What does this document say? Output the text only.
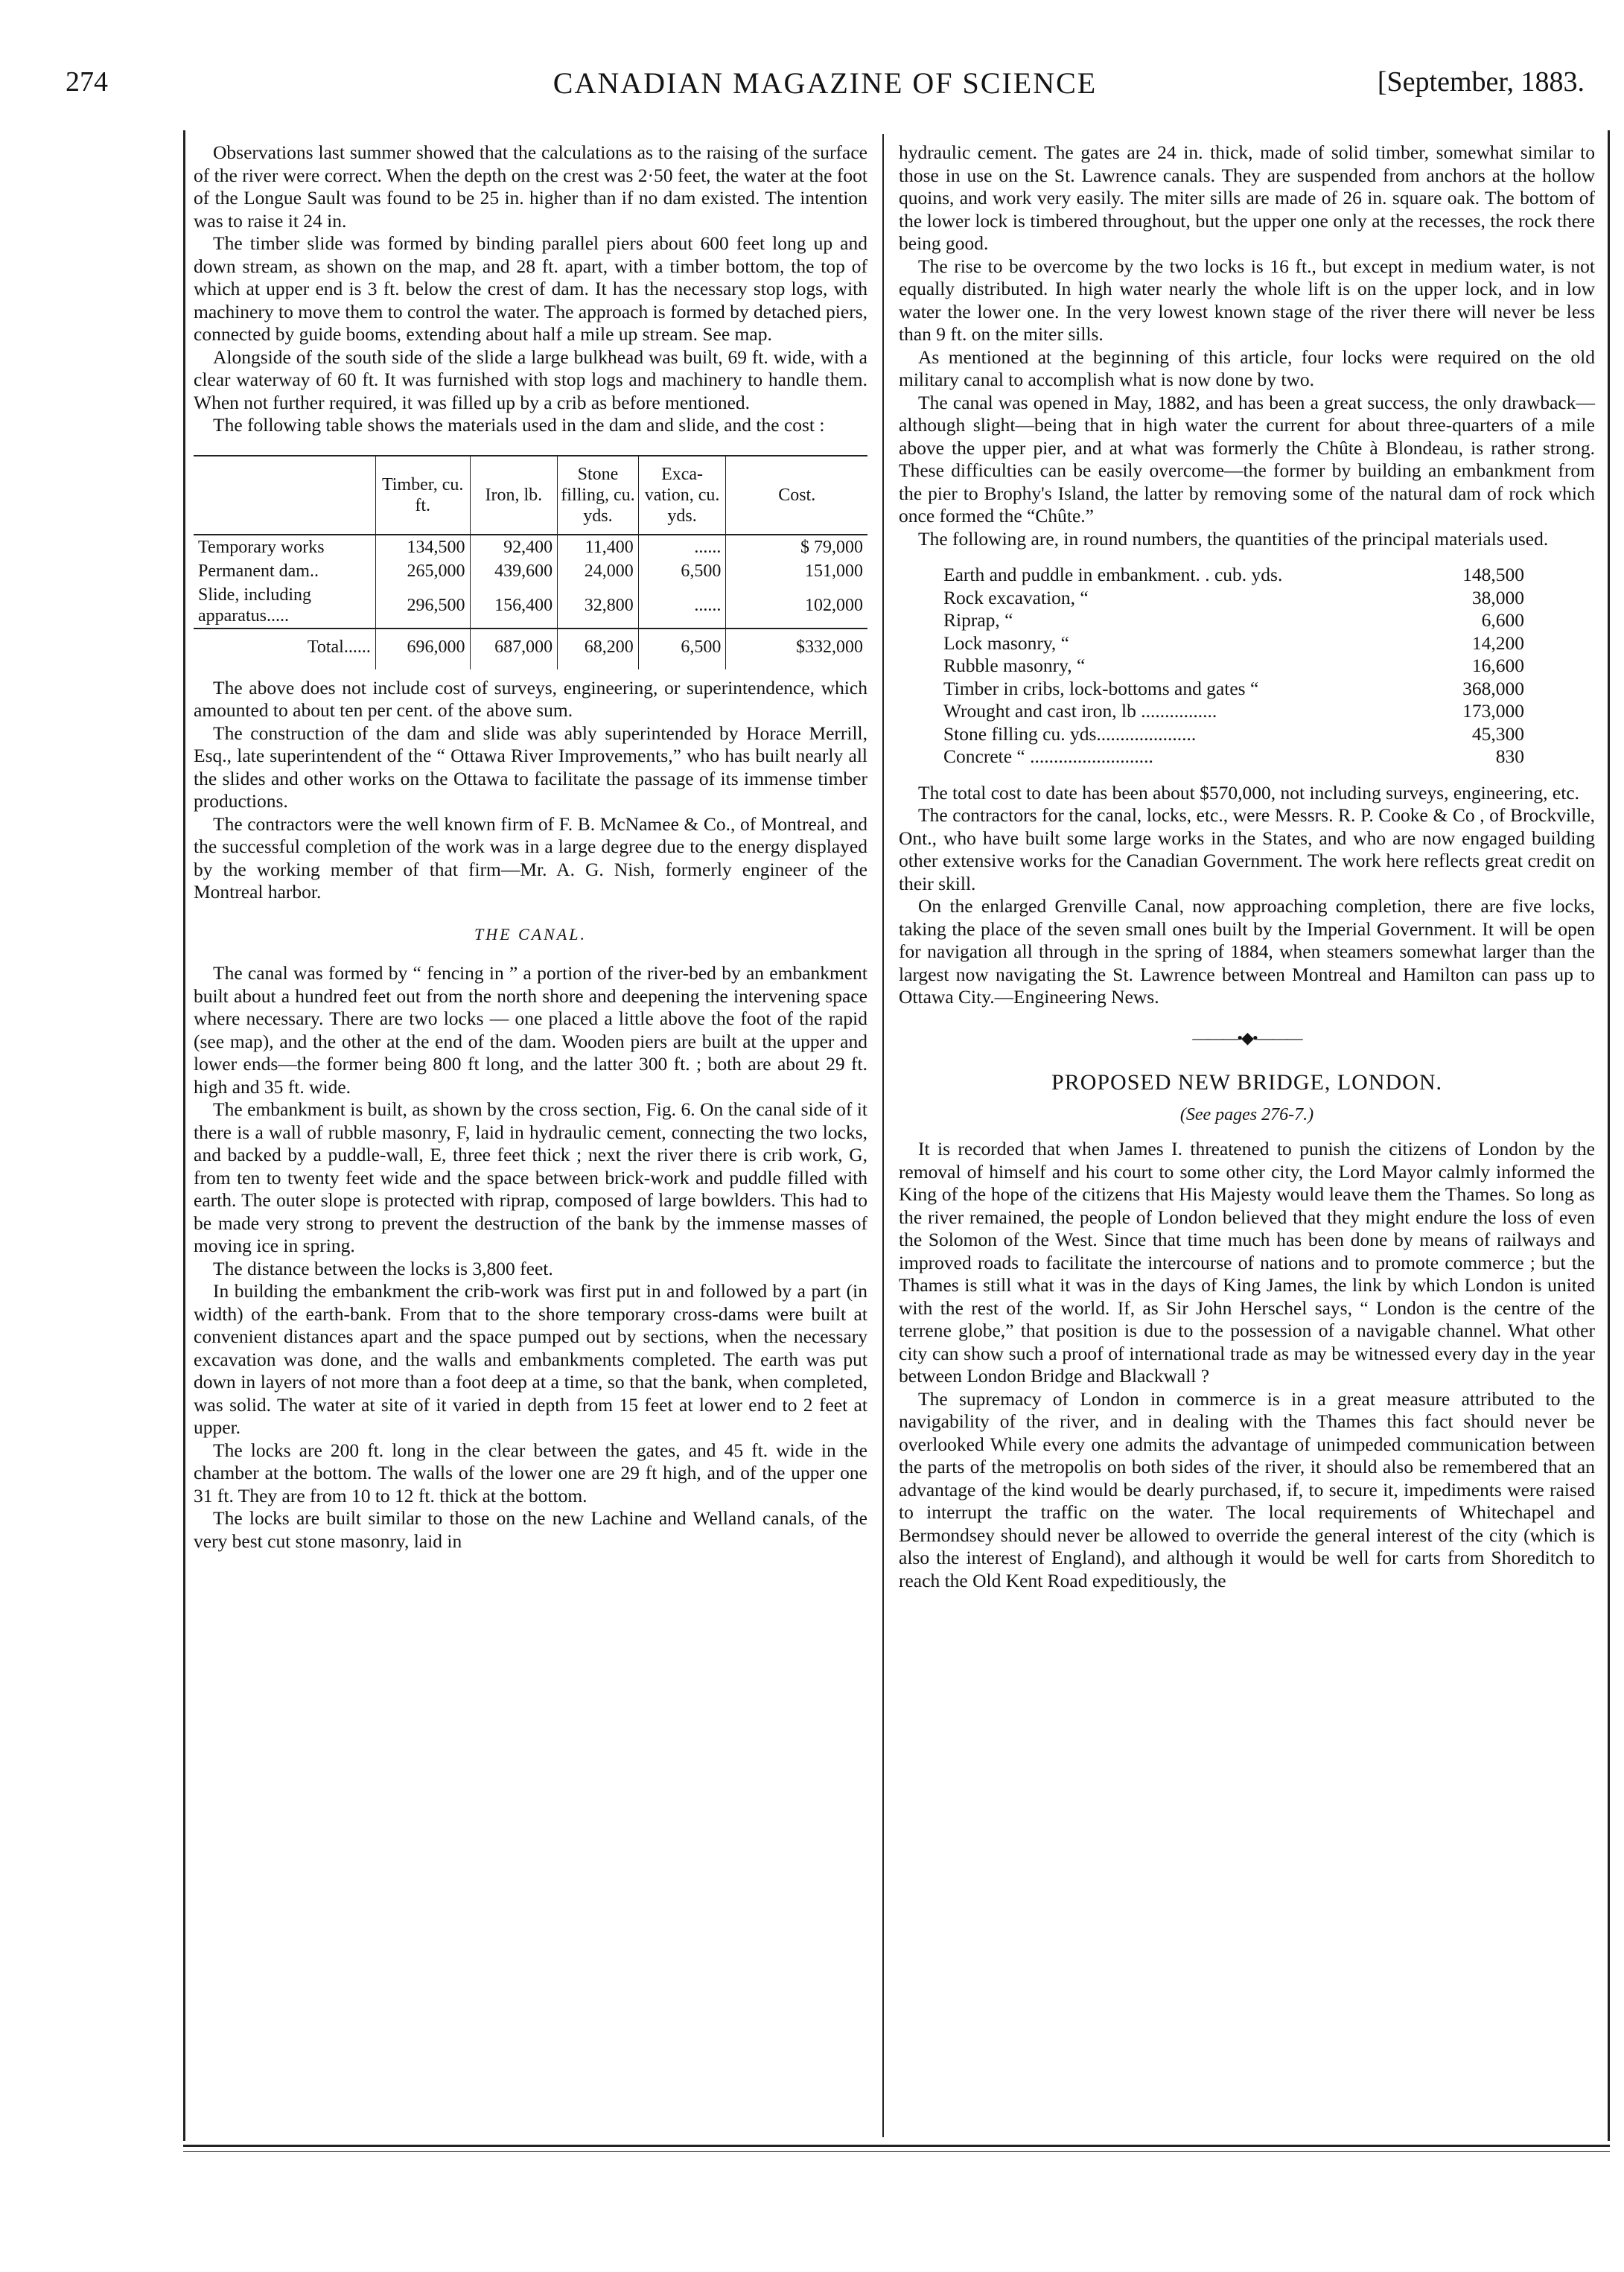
274	CANADIAN MAGAZINE OF SCIENCE	[September, 1883.

Observations last summer showed that the calculations as to the raising of the surface of the river were correct. When the depth on the crest was 2·50 feet, the water at the foot of the Longue Sault was found to be 25 in. higher than if no dam existed. The intention was to raise it 24 in.

The timber slide was formed by binding parallel piers about 600 feet long up and down stream, as shown on the map, and 28 ft. apart, with a timber bottom, the top of which at upper end is 3 ft. below the crest of dam. It has the necessary stop logs, with machinery to move them to control the water. The approach is formed by detached piers, connected by guide booms, extending about half a mile up stream. See map.

Alongside of the south side of the slide a large bulkhead was built, 69 ft. wide, with a clear waterway of 60 ft. It was furnished with stop logs and machinery to handle them. When not further required, it was filled up by a crib as before mentioned.

The following table shows the materials used in the dam and slide, and the cost :

	Timber, cu. ft.	Iron, lb.	Stone filling, cu. yds.	Exca-vation, cu. yds.	Cost.
Temporary works	134,500	92,400	11,400	......	$ 79,000
Permanent dam..	265,000	439,600	24,000	6,500	151,000
Slide, including apparatus.....	296,500	156,400	32,800	......	102,000
Total......	696,000	687,000	68,200	6,500	$332,000

The above does not include cost of surveys, engineering, or superintendence, which amounted to about ten per cent. of the above sum.

The construction of the dam and slide was ably superintended by Horace Merrill, Esq., late superintendent of the “ Ottawa River Improvements,” who has built nearly all the slides and other works on the Ottawa to facilitate the passage of its immense timber productions.

The contractors were the well known firm of F. B. McNamee & Co., of Montreal, and the successful completion of the work was in a large degree due to the energy displayed by the working member of that firm—Mr. A. G. Nish, formerly engineer of the Montreal harbor.

THE CANAL.

The canal was formed by “ fencing in ” a portion of the river-bed by an embankment built about a hundred feet out from the north shore and deepening the intervening space where necessary. There are two locks — one placed a little above the foot of the rapid (see map), and the other at the end of the dam. Wooden piers are built at the upper and lower ends—the former being 800 ft long, and the latter 300 ft. ; both are about 29 ft. high and 35 ft. wide.

The embankment is built, as shown by the cross section, Fig. 6. On the canal side of it there is a wall of rubble masonry, F, laid in hydraulic cement, connecting the two locks, and backed by a puddle-wall, E, three feet thick ; next the river there is crib work, G, from ten to twenty feet wide and the space between brick-work and puddle filled with earth. The outer slope is protected with riprap, composed of large bowlders. This had to be made very strong to prevent the destruction of the bank by the immense masses of moving ice in spring.

The distance between the locks is 3,800 feet.

In building the embankment the crib-work was first put in and followed by a part (in width) of the earth-bank. From that to the shore temporary cross-dams were built at convenient distances apart and the space pumped out by sections, when the necessary excavation was done, and the walls and embankments completed. The earth was put down in layers of not more than a foot deep at a time, so that the bank, when completed, was solid. The water at site of it varied in depth from 15 feet at lower end to 2 feet at upper.

The locks are 200 ft. long in the clear between the gates, and 45 ft. wide in the chamber at the bottom. The walls of the lower one are 29 ft high, and of the upper one 31 ft. They are from 10 to 12 ft. thick at the bottom.

The locks are built similar to those on the new Lachine and Welland canals, of the very best cut stone masonry, laid in

hydraulic cement. The gates are 24 in. thick, made of solid timber, somewhat similar to those in use on the St. Lawrence canals. They are suspended from anchors at the hollow quoins, and work very easily. The miter sills are made of 26 in. square oak. The bottom of the lower lock is timbered throughout, but the upper one only at the recesses, the rock there being good.

The rise to be overcome by the two locks is 16 ft., but except in medium water, is not equally distributed. In high water nearly the whole lift is on the upper lock, and in low water the lower one. In the very lowest known stage of the river there will never be less than 9 ft. on the miter sills.

As mentioned at the beginning of this article, four locks were required on the old military canal to accomplish what is now done by two.

The canal was opened in May, 1882, and has been a great success, the only drawback—although slight—being that in high water the current for about three-quarters of a mile above the upper pier, and at what was formerly the Chûte à Blondeau, is rather strong. These difficulties can be easily overcome—the former by building an embankment from the pier to Brophy's Island, the latter by removing some of the natural dam of rock which once formed the “Chûte.”

The following are, in round numbers, the quantities of the principal materials used.

Earth and puddle in embankment. . cub. yds.	148,500
Rock excavation, “	38,000
Riprap, “	6,600
Lock masonry, “	14,200
Rubble masonry, “	16,600
Timber in cribs, lock-bottoms and gates “	368,000
Wrought and cast iron, lb ................	173,000
Stone filling cu. yds.....................	45,300
Concrete “ ..........................	830

The total cost to date has been about $570,000, not including surveys, engineering, etc.

The contractors for the canal, locks, etc., were Messrs. R. P. Cooke & Co , of Brockville, Ont., who have built some large works in the States, and who are now engaged building other extensive works for the Canadian Government. The work here reflects great credit on their skill.

On the enlarged Grenville Canal, now approaching completion, there are five locks, taking the place of the seven small ones built by the Imperial Government. It will be open for navigation all through in the spring of 1884, when steamers somewhat larger than the largest now navigating the St. Lawrence between Montreal and Hamilton can pass up to Ottawa City.—Engineering News.

———•◆•———
PROPOSED NEW BRIDGE, LONDON.
(See pages 276-7.)

It is recorded that when James I. threatened to punish the citizens of London by the removal of himself and his court to some other city, the Lord Mayor calmly informed the King of the hope of the citizens that His Majesty would leave them the Thames. So long as the river remained, the people of London believed that they might endure the loss of even the Solomon of the West. Since that time much has been done by means of railways and improved roads to facilitate the intercourse of nations and to promote commerce ; but the Thames is still what it was in the days of King James, the link by which London is united with the rest of the world. If, as Sir John Herschel says, “ London is the centre of the terrene globe,” that position is due to the possession of a navigable channel. What other city can show such a proof of international trade as may be witnessed every day in the year between London Bridge and Blackwall ?

The supremacy of London in commerce is in a great measure attributed to the navigability of the river, and in dealing with the Thames this fact should never be overlooked While every one admits the advantage of unimpeded communication between the parts of the metropolis on both sides of the river, it should also be remembered that an advantage of the kind would be dearly purchased, if, to secure it, impediments were raised to interrupt the traffic on the water. The local requirements of Whitechapel and Bermondsey should never be allowed to override the general interest of the city (which is also the interest of England), and although it would be well for carts from Shoreditch to reach the Old Kent Road expeditiously, the
